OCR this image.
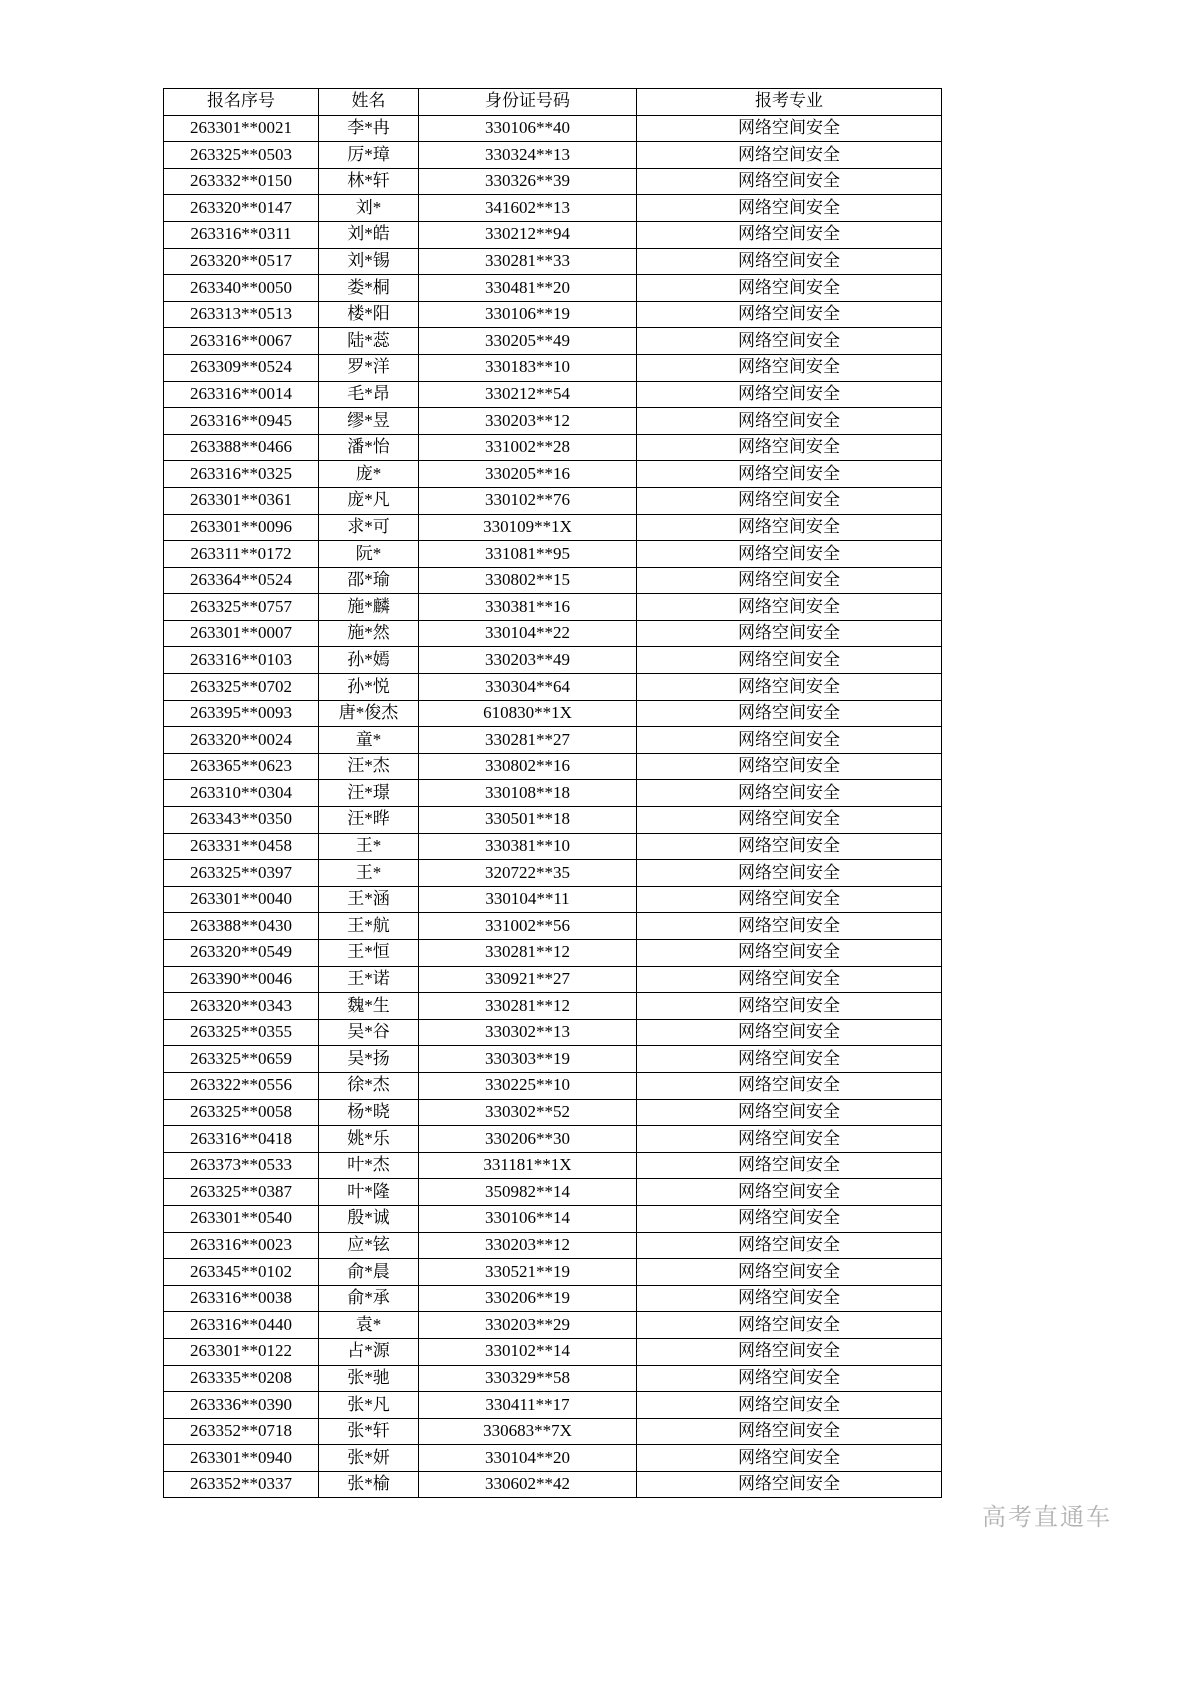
报名序号	姓名	身份证号码	报考专业
263301**0021	李*冉	330106**40	网络空间安全
263325**0503	厉*璋	330324**13	网络空间安全
263332**0150	林*轩	330326**39	网络空间安全
263320**0147	刘*	341602**13	网络空间安全
263316**0311	刘*皓	330212**94	网络空间安全
263320**0517	刘*锡	330281**33	网络空间安全
263340**0050	娄*桐	330481**20	网络空间安全
263313**0513	楼*阳	330106**19	网络空间安全
263316**0067	陆*蕊	330205**49	网络空间安全
263309**0524	罗*洋	330183**10	网络空间安全
263316**0014	毛*昂	330212**54	网络空间安全
263316**0945	缪*昱	330203**12	网络空间安全
263388**0466	潘*怡	331002**28	网络空间安全
263316**0325	庞*	330205**16	网络空间安全
263301**0361	庞*凡	330102**76	网络空间安全
263301**0096	求*可	330109**1X	网络空间安全
263311**0172	阮*	331081**95	网络空间安全
263364**0524	邵*瑜	330802**15	网络空间安全
263325**0757	施*麟	330381**16	网络空间安全
263301**0007	施*然	330104**22	网络空间安全
263316**0103	孙*嫣	330203**49	网络空间安全
263325**0702	孙*悦	330304**64	网络空间安全
263395**0093	唐*俊杰	610830**1X	网络空间安全
263320**0024	童*	330281**27	网络空间安全
263365**0623	汪*杰	330802**16	网络空间安全
263310**0304	汪*璟	330108**18	网络空间安全
263343**0350	汪*晔	330501**18	网络空间安全
263331**0458	王*	330381**10	网络空间安全
263325**0397	王*	320722**35	网络空间安全
263301**0040	王*涵	330104**11	网络空间安全
263388**0430	王*航	331002**56	网络空间安全
263320**0549	王*恒	330281**12	网络空间安全
263390**0046	王*诺	330921**27	网络空间安全
263320**0343	魏*生	330281**12	网络空间安全
263325**0355	吴*谷	330302**13	网络空间安全
263325**0659	吴*扬	330303**19	网络空间安全
263322**0556	徐*杰	330225**10	网络空间安全
263325**0058	杨*晓	330302**52	网络空间安全
263316**0418	姚*乐	330206**30	网络空间安全
263373**0533	叶*杰	331181**1X	网络空间安全
263325**0387	叶*隆	350982**14	网络空间安全
263301**0540	殷*诚	330106**14	网络空间安全
263316**0023	应*铉	330203**12	网络空间安全
263345**0102	俞*晨	330521**19	网络空间安全
263316**0038	俞*承	330206**19	网络空间安全
263316**0440	袁*	330203**29	网络空间安全
263301**0122	占*源	330102**14	网络空间安全
263335**0208	张*驰	330329**58	网络空间安全
263336**0390	张*凡	330411**17	网络空间安全
263352**0718	张*轩	330683**7X	网络空间安全
263301**0940	张*妍	330104**20	网络空间安全
263352**0337	张*榆	330602**42	网络空间安全
高考直通车
